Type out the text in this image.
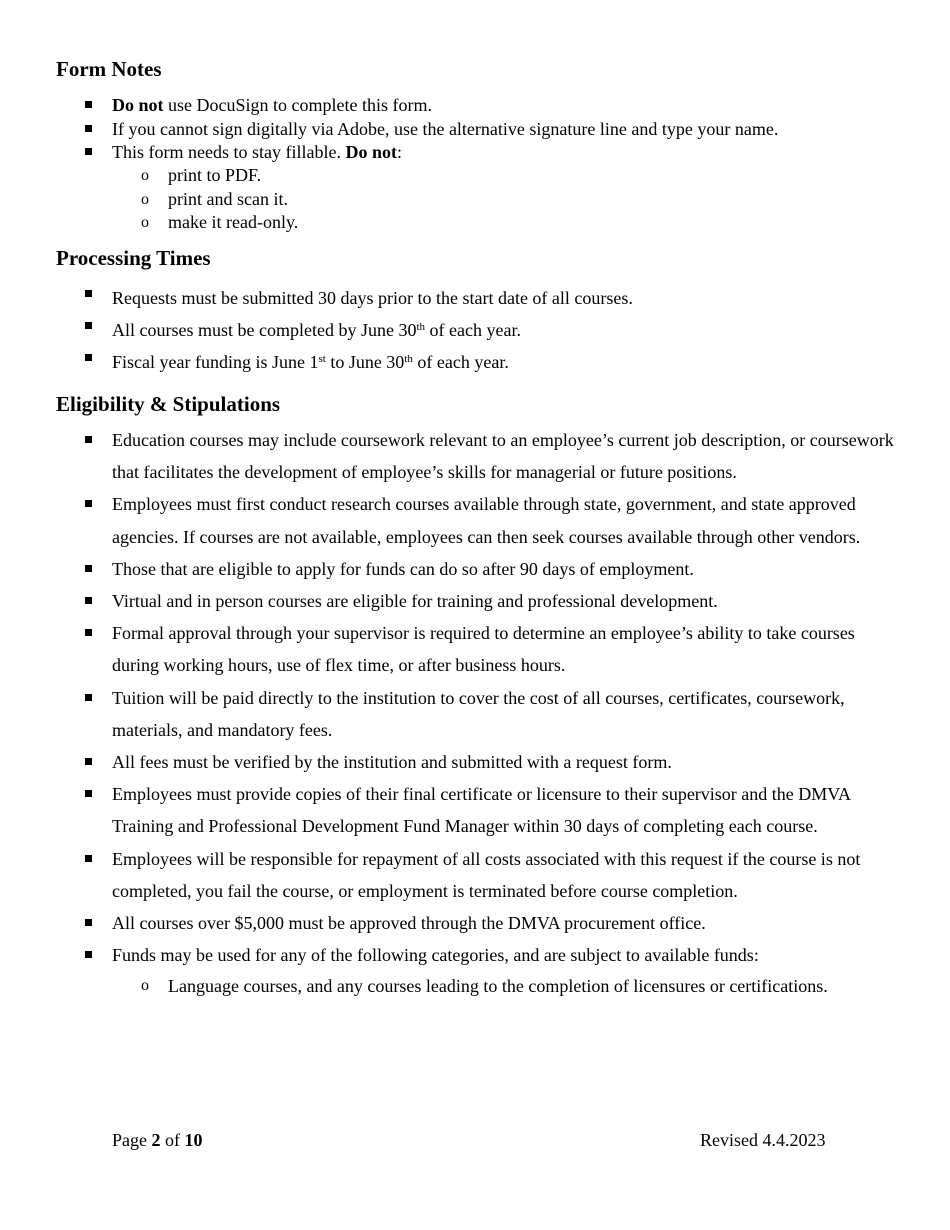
Form Notes
Do not use DocuSign to complete this form.
If you cannot sign digitally via Adobe, use the alternative signature line and type your name.
This form needs to stay fillable. Do not:
o print to PDF.
o print and scan it.
o make it read-only.
Processing Times
Requests must be submitted 30 days prior to the start date of all courses.
All courses must be completed by June 30th of each year.
Fiscal year funding is June 1st to June 30th of each year.
Eligibility & Stipulations
Education courses may include coursework relevant to an employee’s current job description, or coursework that facilitates the development of employee’s skills for managerial or future positions.
Employees must first conduct research courses available through state, government, and state approved agencies. If courses are not available, employees can then seek courses available through other vendors.
Those that are eligible to apply for funds can do so after 90 days of employment.
Virtual and in person courses are eligible for training and professional development.
Formal approval through your supervisor is required to determine an employee’s ability to take courses during working hours, use of flex time, or after business hours.
Tuition will be paid directly to the institution to cover the cost of all courses, certificates, coursework, materials, and mandatory fees.
All fees must be verified by the institution and submitted with a request form.
Employees must provide copies of their final certificate or licensure to their supervisor and the DMVA Training and Professional Development Fund Manager within 30 days of completing each course.
Employees will be responsible for repayment of all costs associated with this request if the course is not completed, you fail the course, or employment is terminated before course completion.
All courses over $5,000 must be approved through the DMVA procurement office.
Funds may be used for any of the following categories, and are subject to available funds:
o Language courses, and any courses leading to the completion of licensures or certifications.
Page 2 of 10	Revised 4.4.2023
